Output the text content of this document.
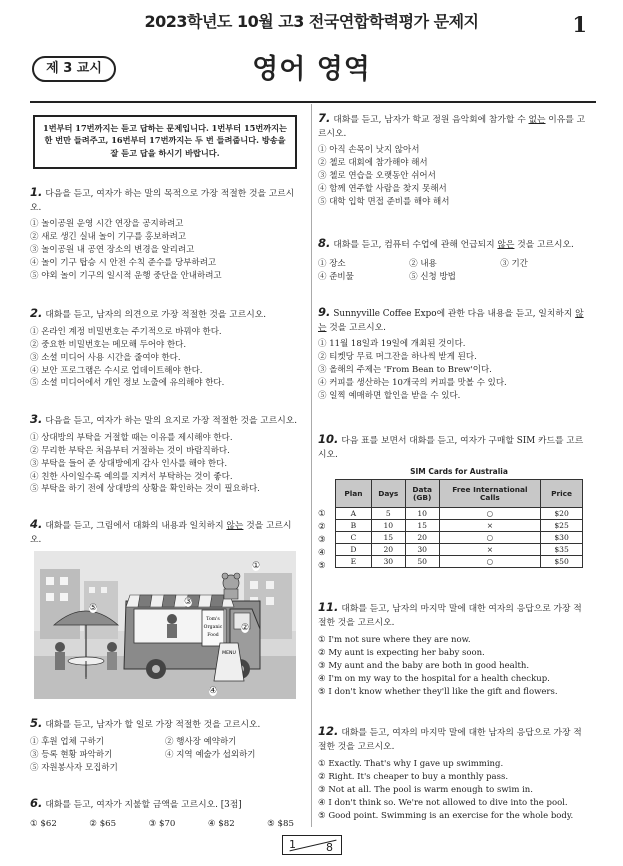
2023학년도 10월 고3 전국연합학력평가 문제지	1
제 3 교시	영어 영역
1번부터 17번까지는 듣고 답하는 문제입니다. 1번부터 15번까지는 한 번만 들려주고, 16번부터 17번까지는 두 번 들려줍니다. 방송을 잘 듣고 답을 하시기 바랍니다.
1. 다음을 듣고, 여자가 하는 말의 목적으로 가장 적절한 것을 고르시오.
① 놀이공원 운영 시간 연장을 공지하려고
② 새로 생긴 실내 놀이 기구를 홍보하려고
③ 놀이공원 내 공연 장소의 변경을 알리려고
④ 놀이 기구 탑승 시 안전 수칙 준수를 당부하려고
⑤ 야외 놀이 기구의 일시적 운행 중단을 안내하려고
2. 대화를 듣고, 남자의 의견으로 가장 적절한 것을 고르시오.
① 온라인 계정 비밀번호는 주기적으로 바꿔야 한다.
② 중요한 비밀번호는 메모해 두어야 한다.
③ 소셜 미디어 사용 시간을 줄여야 한다.
④ 보안 프로그램은 수시로 업데이트해야 한다.
⑤ 소셜 미디어에서 개인 정보 노출에 유의해야 한다.
3. 다음을 듣고, 여자가 하는 말의 요지로 가장 적절한 것을 고르시오.
① 상대방의 부탁을 거절할 때는 이유를 제시해야 한다.
② 무리한 부탁은 처음부터 거절하는 것이 바람직하다.
③ 부탁을 들어 준 상대방에게 감사 인사를 해야 한다.
④ 친한 사이일수록 예의를 지켜서 부탁하는 것이 좋다.
⑤ 부탁을 하기 전에 상대방의 상황을 확인하는 것이 필요하다.
4. 대화를 듣고, 그림에서 대화의 내용과 일치하지 않는 것을 고르시오.
Tom's
Organic
Food
MENU
①
②
③
④
⑤
5. 대화를 듣고, 남자가 할 일로 가장 적절한 것을 고르시오.
① 후원 업체 구하기	② 행사장 예약하기
③ 등록 현황 파악하기	④ 지역 예술가 섭외하기
⑤ 자원봉사자 모집하기
6. 대화를 듣고, 여자가 지불할 금액을 고르시오. [3점]
① $62	② $65	③ $70	④ $82	⑤ $85
7. 대화를 듣고, 남자가 학교 정원 음악회에 참가할 수 없는 이유를 고르시오.
① 아직 손목이 낫지 않아서
② 첼로 대회에 참가해야 해서
③ 첼로 연습을 오랫동안 쉬어서
④ 함께 연주할 사람을 찾지 못해서
⑤ 대학 입학 면접 준비를 해야 해서
8. 대화를 듣고, 컴퓨터 수업에 관해 언급되지 않은 것을 고르시오.
① 장소	② 내용	③ 기간
④ 준비물	⑤ 신청 방법
9. Sunnyville Coffee Expo에 관한 다음 내용을 듣고, 일치하지 않는 것을 고르시오.
① 11월 18일과 19일에 개최된 것이다.
② 티켓당 무료 머그잔을 하나씩 받게 된다.
③ 올해의 주제는 'From Bean to Brew'이다.
④ 커피를 생산하는 10개국의 커피를 맛볼 수 있다.
⑤ 일찍 예매하면 할인을 받을 수 있다.
10. 다음 표를 보면서 대화를 듣고, 여자가 구매할 SIM 카드를 고르시오.
SIM Cards for Australia
①
②
③
④
⑤
Plan	Days	Data (GB)	Free International Calls	Price
A	5	10	○	$20
B	10	15	×	$25
C	15	20	○	$30
D	20	30	×	$35
E	30	50	○	$50
11. 대화를 듣고, 남자의 마지막 말에 대한 여자의 응답으로 가장 적절한 것을 고르시오.
① I'm not sure where they are now.
② My aunt is expecting her baby soon.
③ My aunt and the baby are both in good health.
④ I'm on my way to the hospital for a health checkup.
⑤ I don't know whether they'll like the gift and flowers.
12. 대화를 듣고, 여자의 마지막 말에 대한 남자의 응답으로 가장 적절한 것을 고르시오.
① Exactly. That's why I gave up swimming.
② Right. It's cheaper to buy a monthly pass.
③ Not at all. The pool is warm enough to swim in.
④ I don't think so. We're not allowed to dive into the pool.
⑤ Good point. Swimming is an exercise for the whole body.
1	8
